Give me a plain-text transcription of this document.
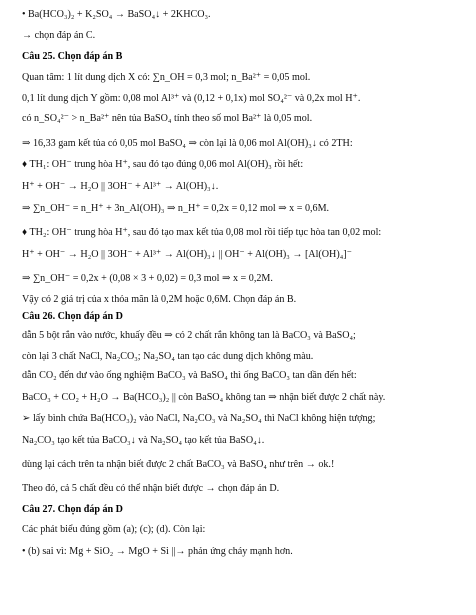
• Ba(HCO₃)₂ + K₂SO₄ → BaSO₄↓ + 2KHCO₃.
→ chọn đáp án C.
Câu 25. Chọn đáp án B
Quan tâm: 1 lít dung dịch X có: ∑n_OH = 0,3 mol; n_Ba²⁺ = 0,05 mol.
0,1 lít dung dịch Y gồm: 0,08 mol Al³⁺ và (0,12 + 0,1x) mol SO₄²⁻ và 0,2x mol H⁺.
có n_SO₄²⁻ > n_Ba²⁺ nên tủa BaSO₄ tính theo số mol Ba²⁺ là 0,05 mol.
⇒ 16,33 gam kết tủa có 0,05 mol BaSO₄ ⇒ còn lại là 0,06 mol Al(OH)₃↓ có 2TH:
♦ TH₁: OH⁻ trung hòa H⁺, sau đó tạo đúng 0,06 mol Al(OH)₃ rồi hết:
H⁺ + OH⁻ → H₂O || 3OH⁻ + Al³⁺ → Al(OH)₃↓.
⇒ ∑n_OH⁻ = n_H⁺ + 3n_Al(OH)₃ ⇒ n_H⁺ = 0,2x = 0,12 mol ⇒ x = 0,6M.
♦ TH₂: OH⁻ trung hòa H⁺, sau đó tạo max kết tủa 0,08 mol rồi tiếp tục hòa tan 0,02 mol:
H⁺ + OH⁻ → H₂O || 3OH⁻ + Al³⁺ → Al(OH)₃↓ || OH⁻ + Al(OH)₃ → [Al(OH)₄]⁻
⇒ ∑n_OH⁻ = 0,2x + (0,08 × 3 + 0,02) = 0,3 mol ⇒ x = 0,2M.
Vậy có 2 giá trị của x thỏa mãn là 0,2M hoặc 0,6M. Chọn đáp án B.
Câu 26. Chọn đáp án D
dẫn 5 bột rắn vào nước, khuấy đều ⇒ có 2 chất rắn không tan là BaCO₃ và BaSO₄;
còn lại 3 chất NaCl, Na₂CO₃; Na₂SO₄ tan tạo các dung dịch không màu.
dẫn CO₂ đến dư vào ống nghiệm BaCO₃ và BaSO₄ thì ống BaCO₃ tan dần đến hết:
BaCO₃ + CO₂ + H₂O → Ba(HCO₃)₂ || còn BaSO₄ không tan ⇒ nhận biết được 2 chất này.
➢ lấy bình chứa Ba(HCO₃)₂ vào NaCl, Na₂CO₃ và Na₂SO₄ thì NaCl không hiện tượng;
Na₂CO₃ tạo kết tủa BaCO₃↓ và Na₂SO₄ tạo kết tủa BaSO₄↓.
dùng lại cách trên ta nhận biết được 2 chất BaCO₃ và BaSO₄ như trên → ok.!
Theo đó, cả 5 chất đều có thể nhận biết được → chọn đáp án D.
Câu 27. Chọn đáp án D
Các phát biểu đúng gồm (a); (c); (d). Còn lại:
• (b) sai vì: Mg + SiO₂ → MgO + Si ||→ phản ứng cháy mạnh hơn.
